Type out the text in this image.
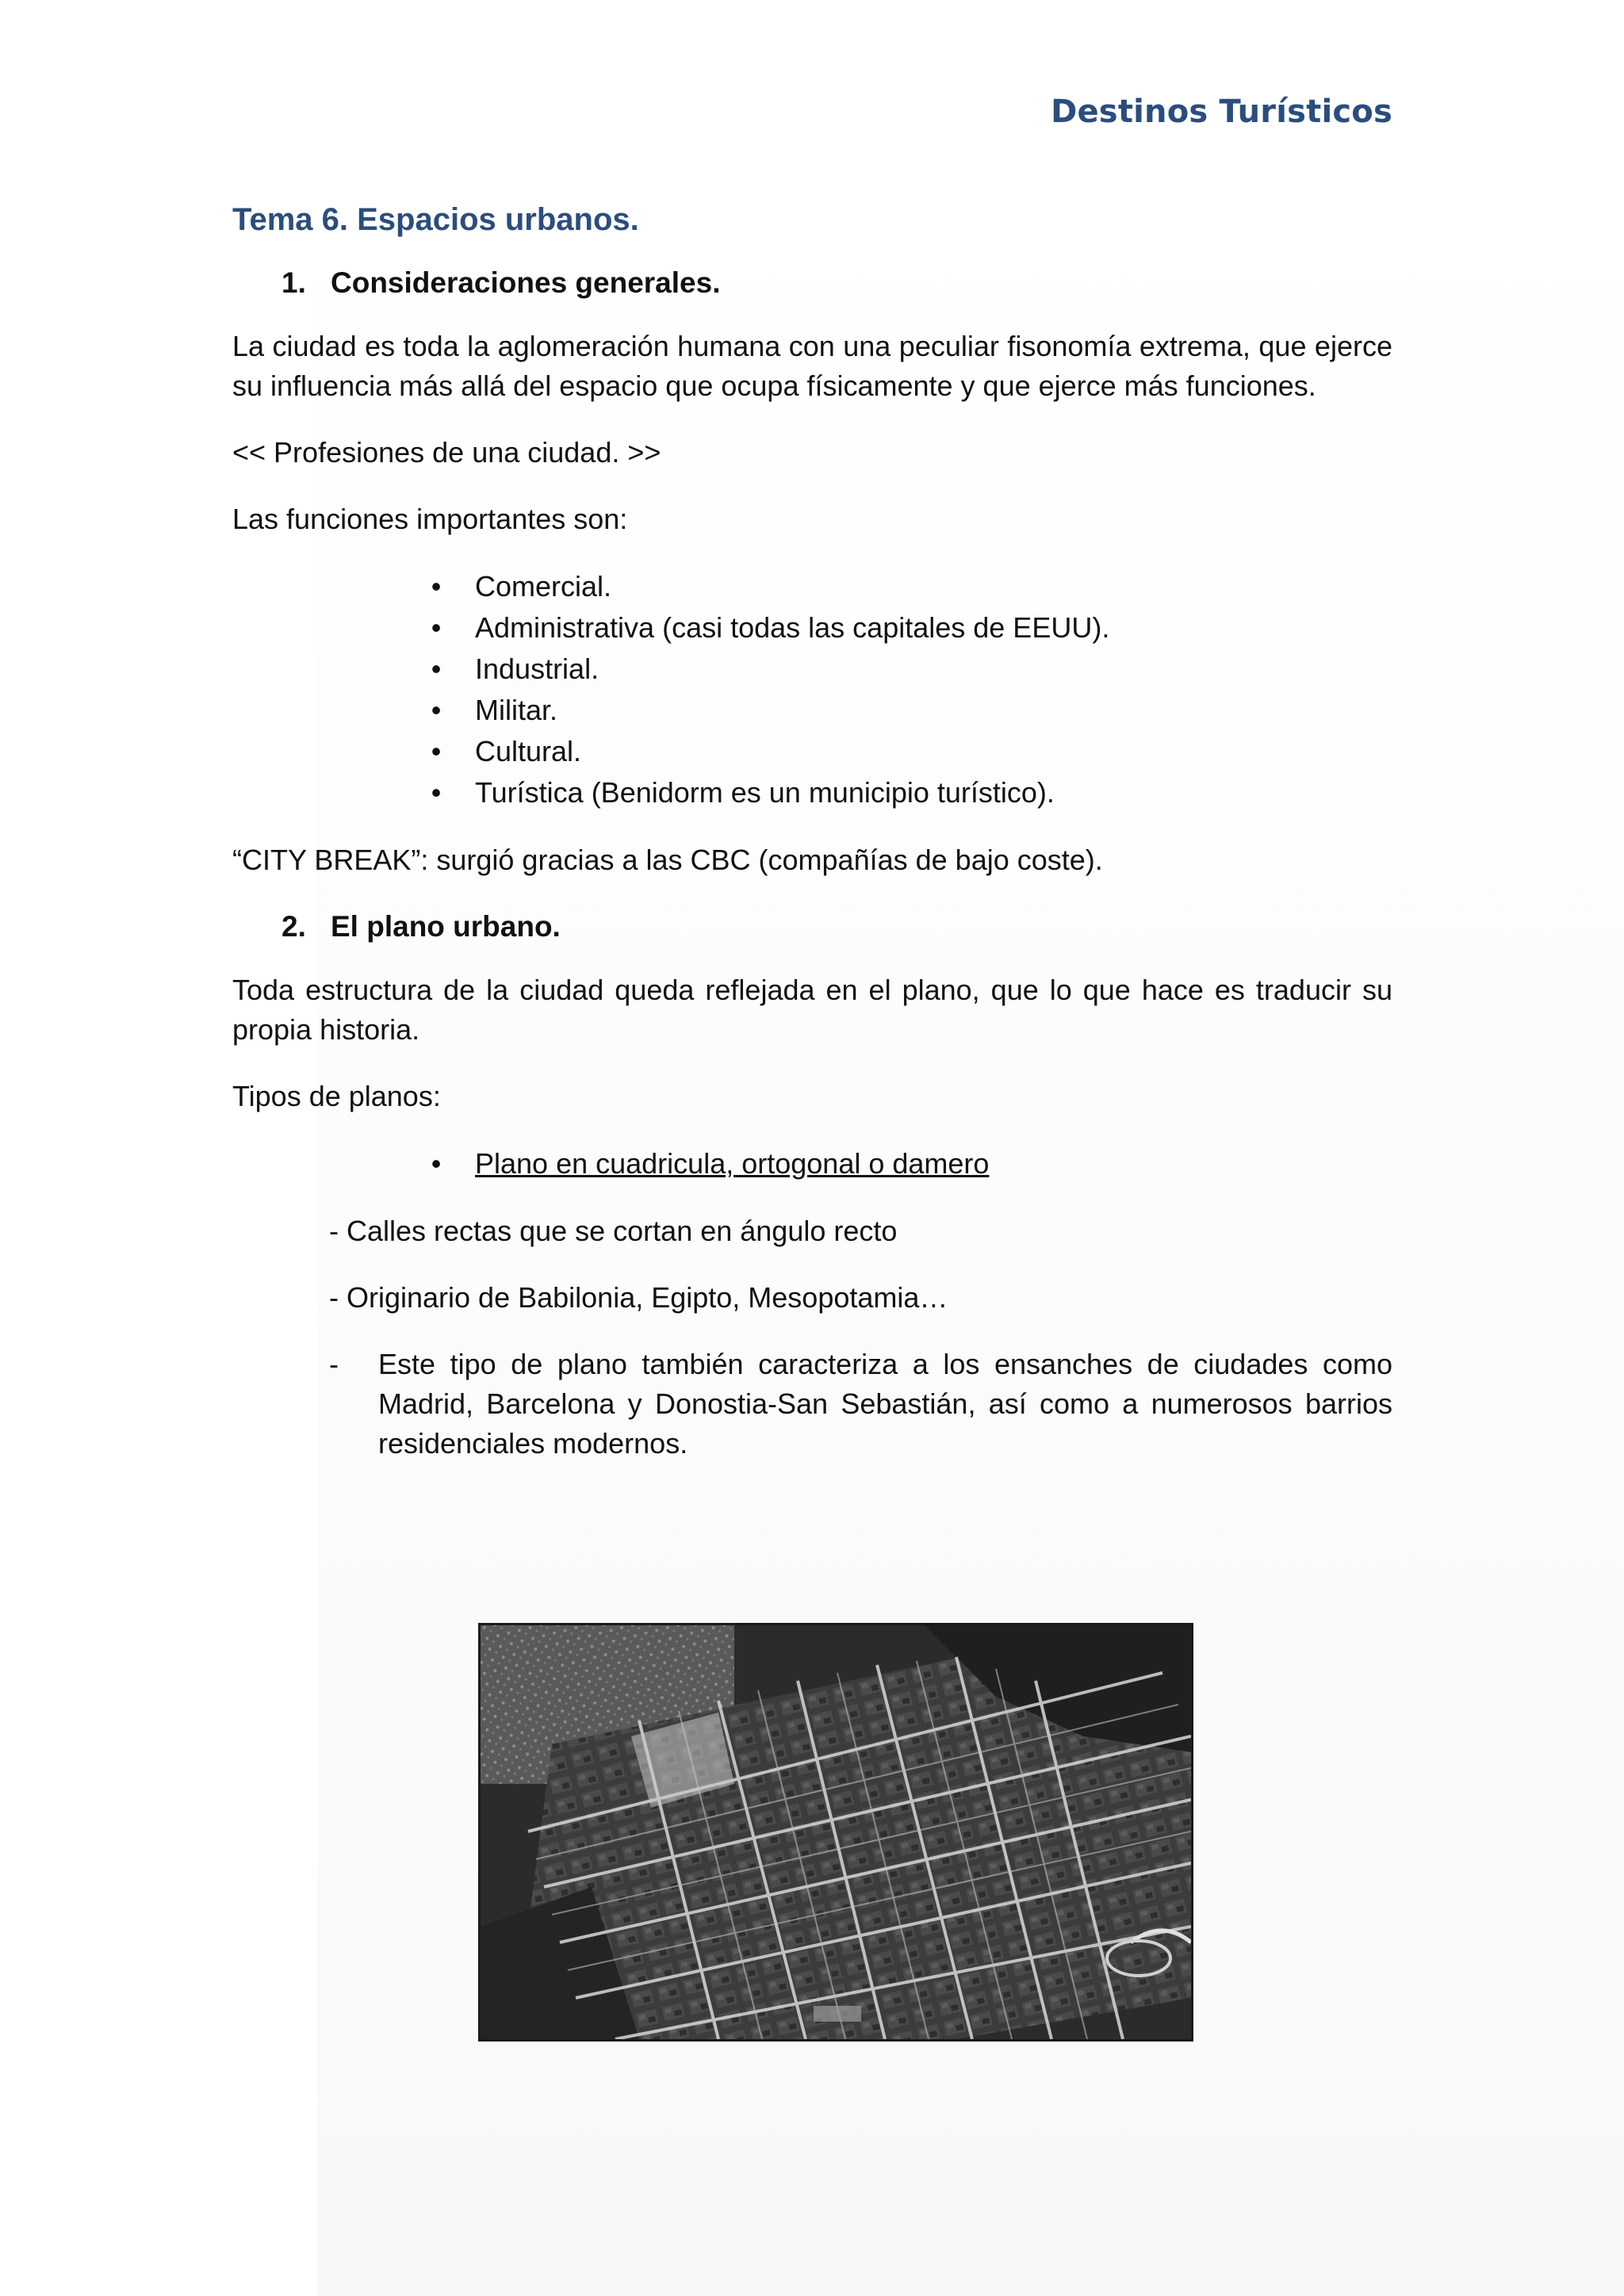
Destinos Turísticos
Tema 6. Espacios urbanos.
1. Consideraciones generales.

La ciudad es toda la aglomeración humana con una peculiar fisonomía extrema, que ejerce su influencia más allá del espacio que ocupa físicamente y que ejerce más funciones.

<< Profesiones de una ciudad. >>

Las funciones importantes son:

• Comercial.
• Administrativa (casi todas las capitales de EEUU).
• Industrial.
• Militar.
• Cultural.
• Turística (Benidorm es un municipio turístico).

“CITY BREAK”: surgió gracias a las CBC (compañías de bajo coste).

2. El plano urbano.

Toda estructura de la ciudad queda reflejada en el plano, que lo que hace es traducir su propia historia.

Tipos de planos:

• Plano en cuadricula, ortogonal o damero

- Calles rectas que se cortan en ángulo recto

- Originario de Babilonia, Egipto, Mesopotamia…

-	Este tipo de plano también caracteriza a los ensanches de ciudades como Madrid, Barcelona y Donostia-San Sebastián, así como a numerosos barrios residenciales modernos.
